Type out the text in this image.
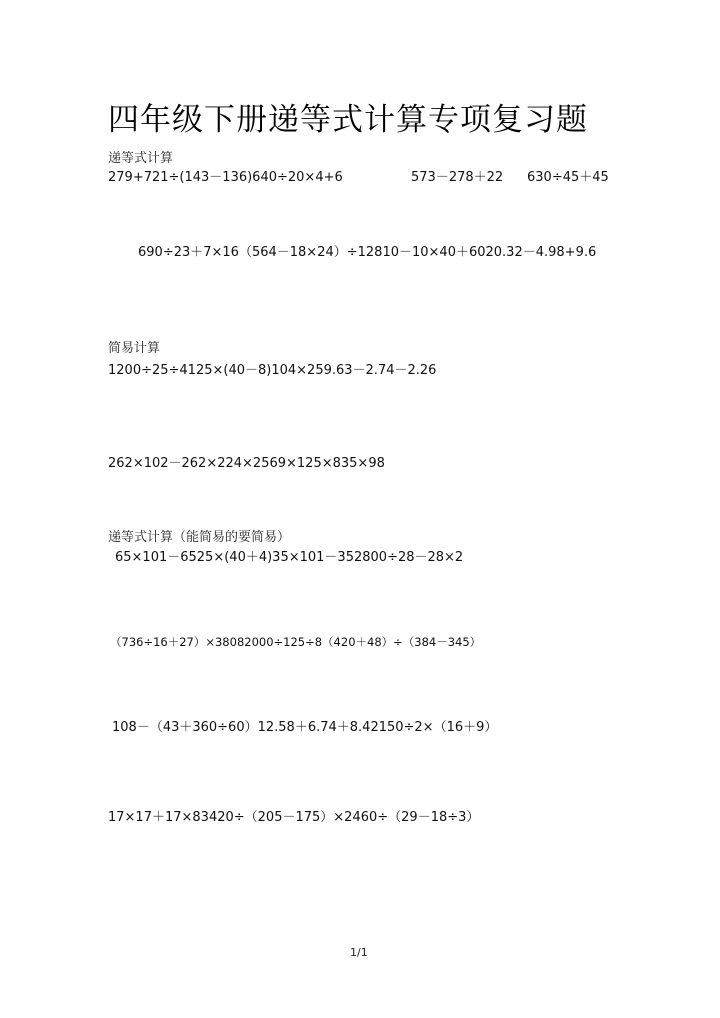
四年级下册递等式计算专项复习题
递等式计算
279+721÷(143－136)640÷20×4+6	573－278＋22 630÷45＋45
690÷23＋7×16（564－18×24）÷12810－10×40＋6020.32－4.98+9.6
简易计算
1200÷25÷4125×(40－8)104×259.63－2.74－2.26
262×102－262×224×2569×125×835×98
递等式计算（能简易的要简易）
65×101－6525×(40＋4)35×101－352800÷28－28×2
（736÷16＋27）×38082000÷125÷8（420＋48）÷（384－345）
108－（43＋360÷60）12.58＋6.74＋8.42150÷2×（16＋9）
17×17＋17×83420÷（205－175）×2460÷（29－18÷3）
1/1
